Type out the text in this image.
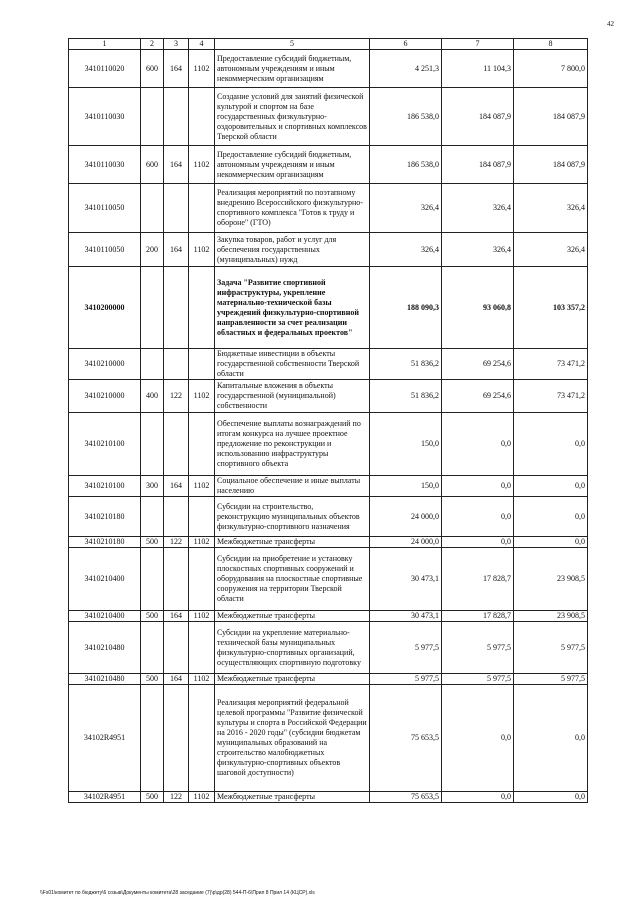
42
1	2	3	4	5	6	7	8
3410110020	600	164	1102	Предоставление субсидий бюджетным, автономным учреждениям и иным некоммерческим организациям	4 251,3	11 104,3	7 800,0
3410110030				Создание условий для занятий физической культурой и спортом на базе государственных физкультурно-оздоровительных и спортивных комплексов Тверской области	186 538,0	184 087,9	184 087,9
3410110030	600	164	1102	Предоставление субсидий бюджетным, автономным учреждениям и иным некоммерческим организациям	186 538,0	184 087,9	184 087,9
3410110050				Реализация мероприятий по поэтапному внедрению Всероссийского физкультурно-спортивного комплекса "Готов к труду и обороне" (ГТО)	326,4	326,4	326,4
3410110050	200	164	1102	Закупка товаров, работ и услуг для обеспечения государственных (муниципальных) нужд	326,4	326,4	326,4
3410200000				Задача "Развитие спортивной инфраструктуры, укрепление материально-технической базы учреждений физкультурно-спортивной направленности за счет реализации областных и федеральных проектов"	188 090,3	93 060,8	103 357,2
3410210000				Бюджетные инвестиции в объекты государственной собственности Тверской области	51 836,2	69 254,6	73 471,2
3410210000	400	122	1102	Капитальные вложения в объекты государственной (муниципальной) собственности	51 836,2	69 254,6	73 471,2
3410210100				Обеспечение выплаты вознаграждений по итогам конкурса на лучшее проектное предложение по реконструкции и использованию инфраструктуры спортивного объекта	150,0	0,0	0,0
3410210100	300	164	1102	Социальное обеспечение и иные выплаты населению	150,0	0,0	0,0
3410210180				Субсидии на строительство, реконструкцию муниципальных объектов физкультурно-спортивного назначения	24 000,0	0,0	0,0
3410210180	500	122	1102	Межбюджетные трансферты	24 000,0	0,0	0,0
3410210400				Субсидии на приобретение и установку плоскостных спортивных сооружений и оборудования на плоскостные спортивные сооружения на территории Тверской области	30 473,1	17 828,7	23 908,5
3410210400	500	164	1102	Межбюджетные трансферты	30 473,1	17 828,7	23 908,5
3410210480				Субсидии на укрепление материально-технической базы муниципальных физкультурно-спортивных организаций, осуществляющих спортивную подготовку	5 977,5	5 977,5	5 977,5
3410210480	500	164	1102	Межбюджетные трансферты	5 977,5	5 977,5	5 977,5
34102R4951				Реализация мероприятий федеральной целевой программы "Развитие физической культуры и спорта в Российской Федерации на 2016 - 2020 годы" (субсидии бюджетам муниципальных образований на строительство малобюджетных физкультурно-спортивных объектов шаговой доступности)	75 653,5	0,0	0,0
34102R4951	500	122	1102	Межбюджетные трансферты	75 653,5	0,0	0,0
\\Fs01\комитет по бюджету\6 созыв\Документы комитета\28 заседание (7)\р\др(28) 544-П-6\Прил 8 Прил 14 (КЦСР).xls
